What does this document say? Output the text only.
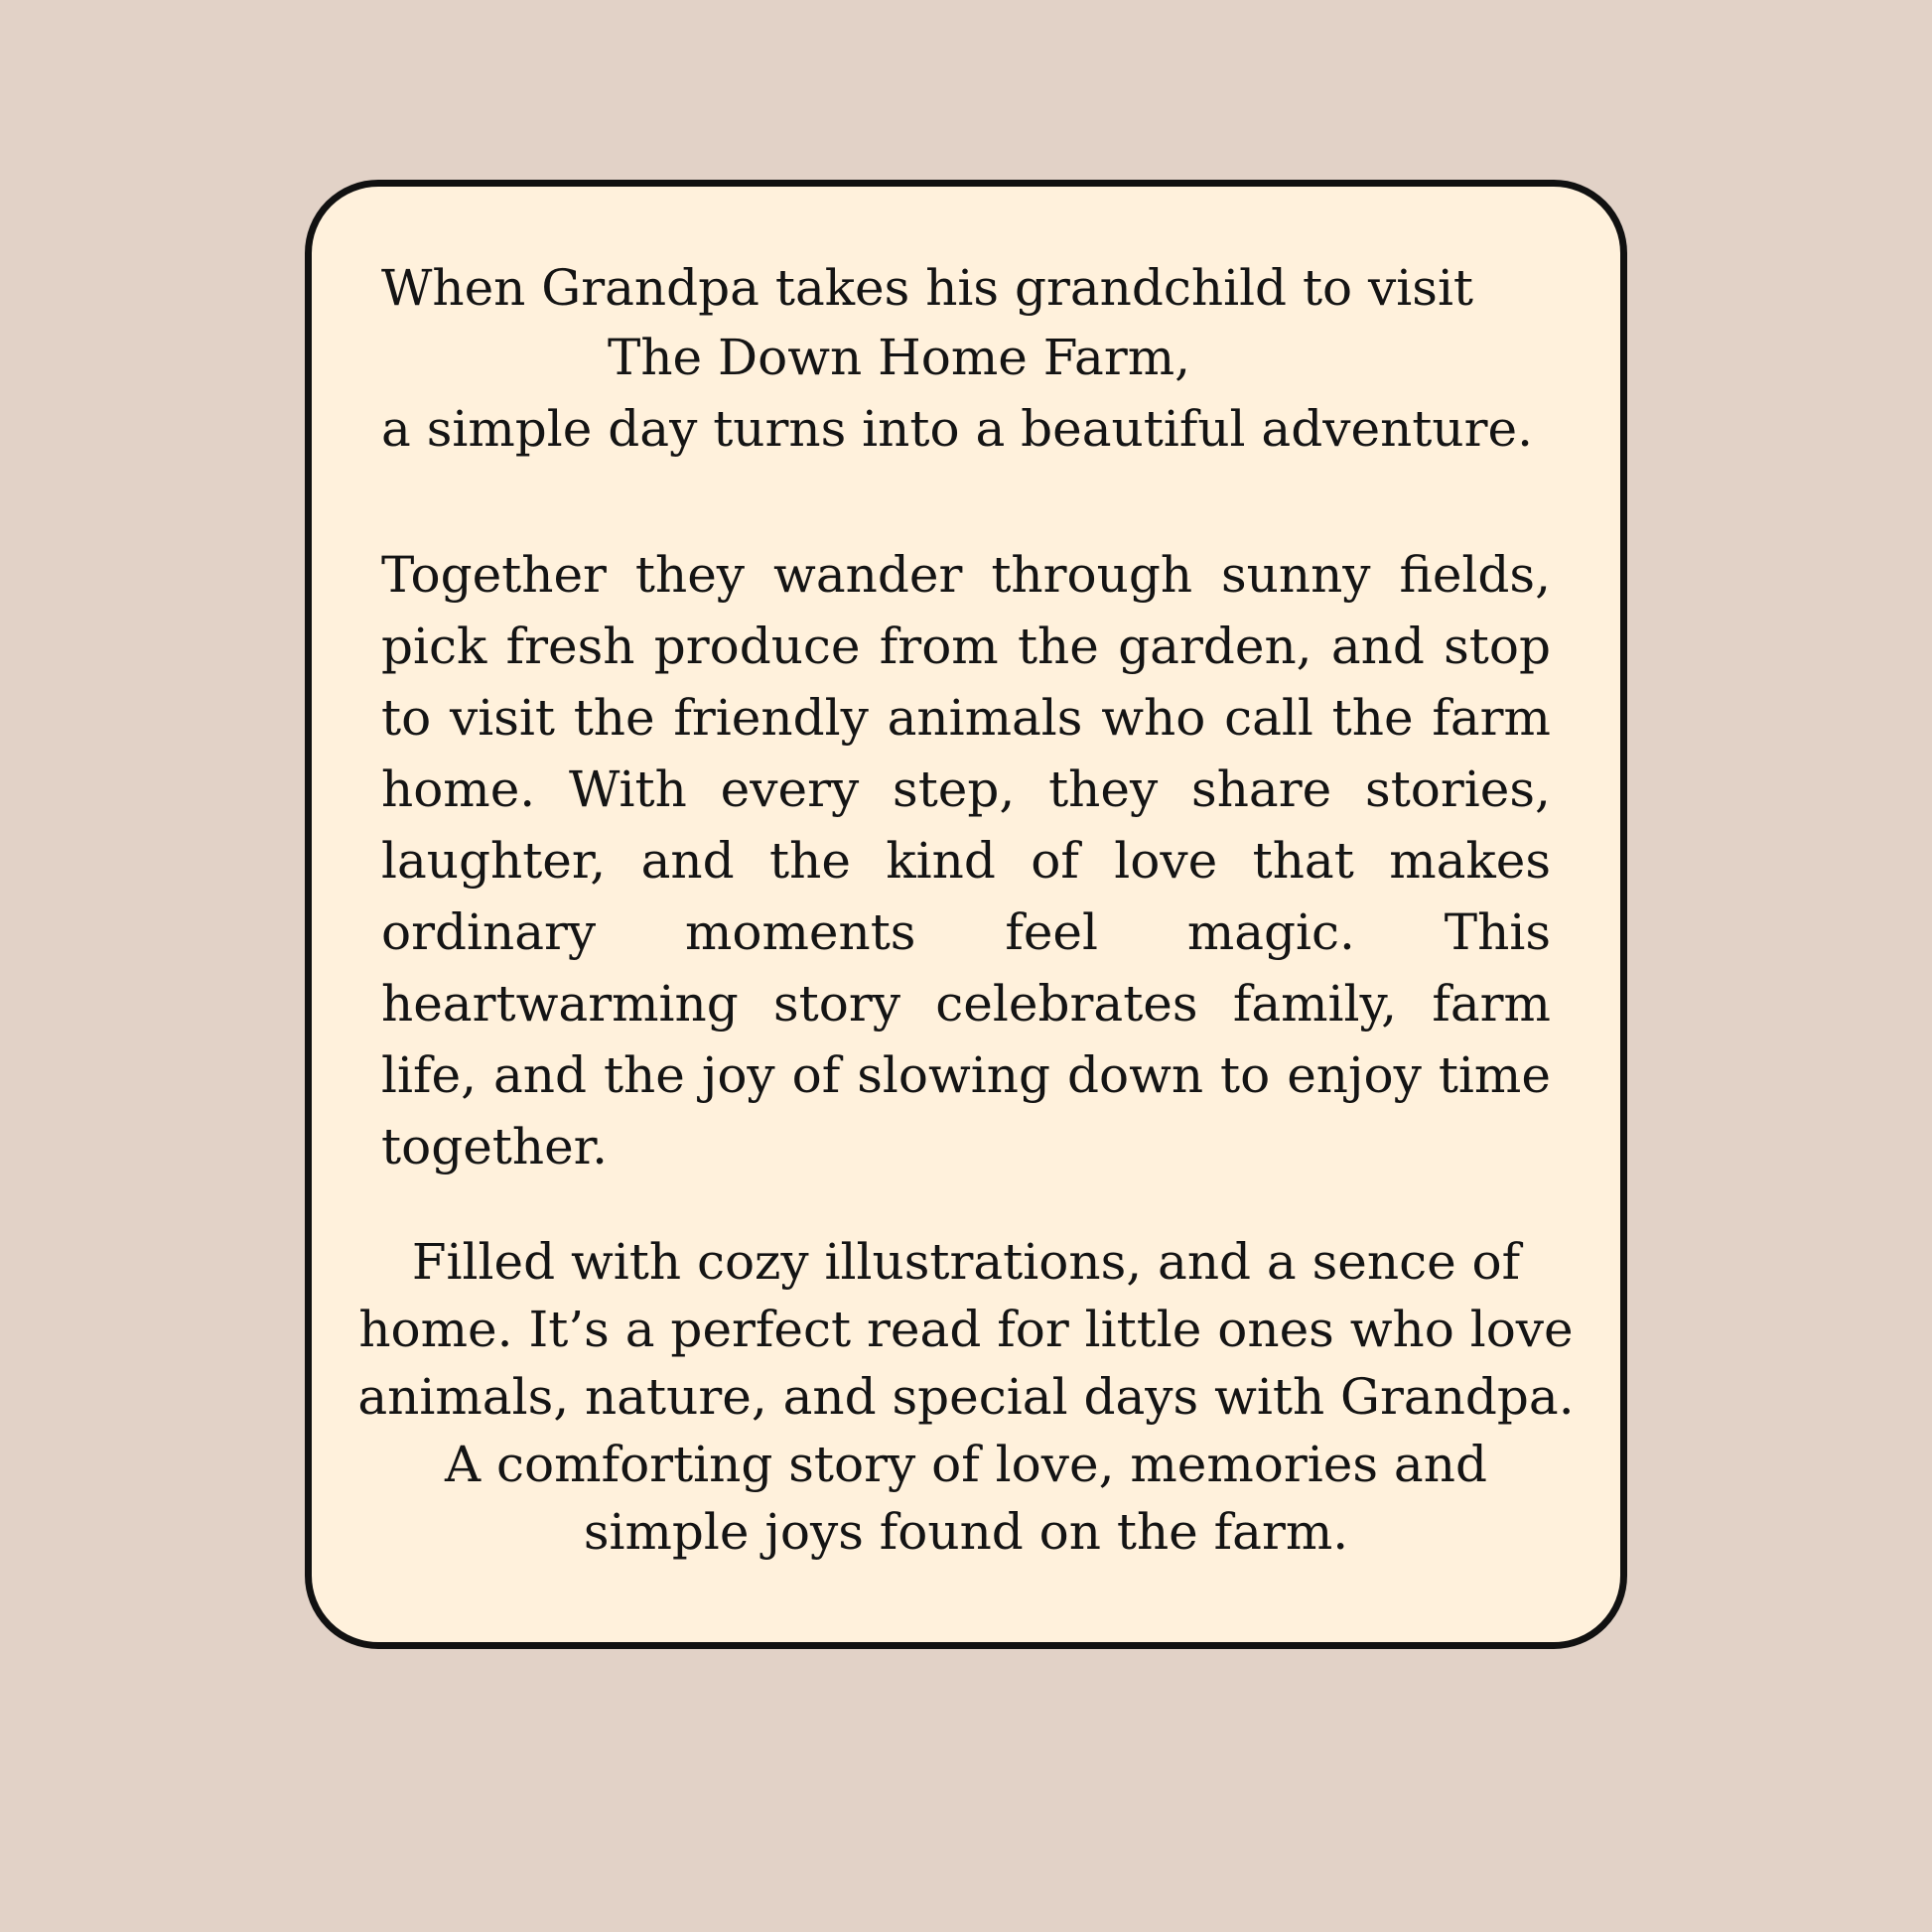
When Grandpa takes his grandchild to visit
The Down Home Farm,
a simple day turns into a beautiful adventure.
Together they wander through sunny fields,
pick fresh produce from the garden, and stop
to visit the friendly animals who call the farm
home. With every step, they share stories,
laughter, and the kind of love that makes
ordinary moments feel magic. This
heartwarming story celebrates family, farm
life, and the joy of slowing down to enjoy time
together.
Filled with cozy illustrations, and a sence of
home. It’s a perfect read for little ones who love
animals, nature, and special days with Grandpa.
A comforting story of love, memories and
simple joys found on the farm.
